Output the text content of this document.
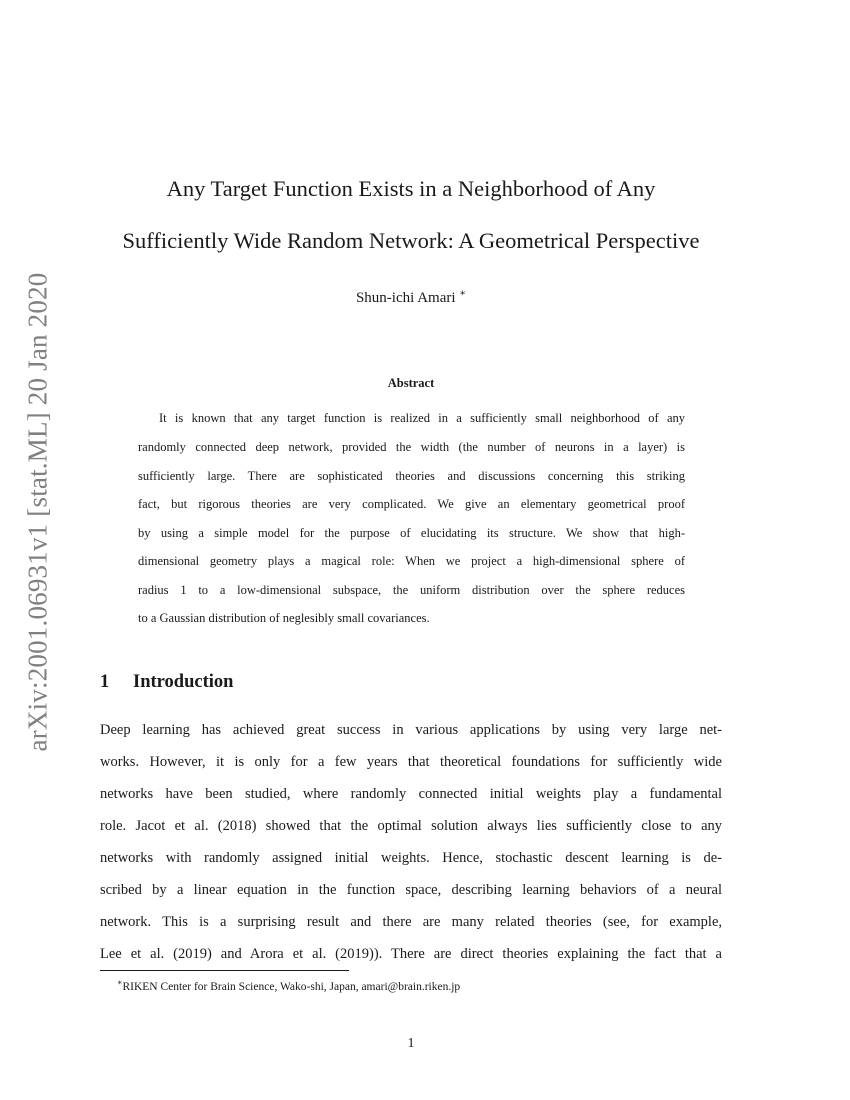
arXiv:2001.06931v1 [stat.ML] 20 Jan 2020
Any Target Function Exists in a Neighborhood of Any
Sufficiently Wide Random Network: A Geometrical Perspective
Shun-ichi Amari ∗
Abstract
It is known that any target function is realized in a sufficiently small neighborhood of any
randomly connected deep network, provided the width (the number of neurons in a layer) is
sufficiently large. There are sophisticated theories and discussions concerning this striking
fact, but rigorous theories are very complicated. We give an elementary geometrical proof
by using a simple model for the purpose of elucidating its structure. We show that high-
dimensional geometry plays a magical role: When we project a high-dimensional sphere of
radius 1 to a low-dimensional subspace, the uniform distribution over the sphere reduces
to a Gaussian distribution of neglesibly small covariances.
1 Introduction
Deep learning has achieved great success in various applications by using very large net-
works. However, it is only for a few years that theoretical foundations for sufficiently wide
networks have been studied, where randomly connected initial weights play a fundamental
role. Jacot et al. (2018) showed that the optimal solution always lies sufficiently close to any
networks with randomly assigned initial weights. Hence, stochastic descent learning is de-
scribed by a linear equation in the function space, describing learning behaviors of a neural
network. This is a surprising result and there are many related theories (see, for example,
Lee et al. (2019) and Arora et al. (2019)). There are direct theories explaining the fact that a
∗RIKEN Center for Brain Science, Wako-shi, Japan, amari@brain.riken.jp
1
